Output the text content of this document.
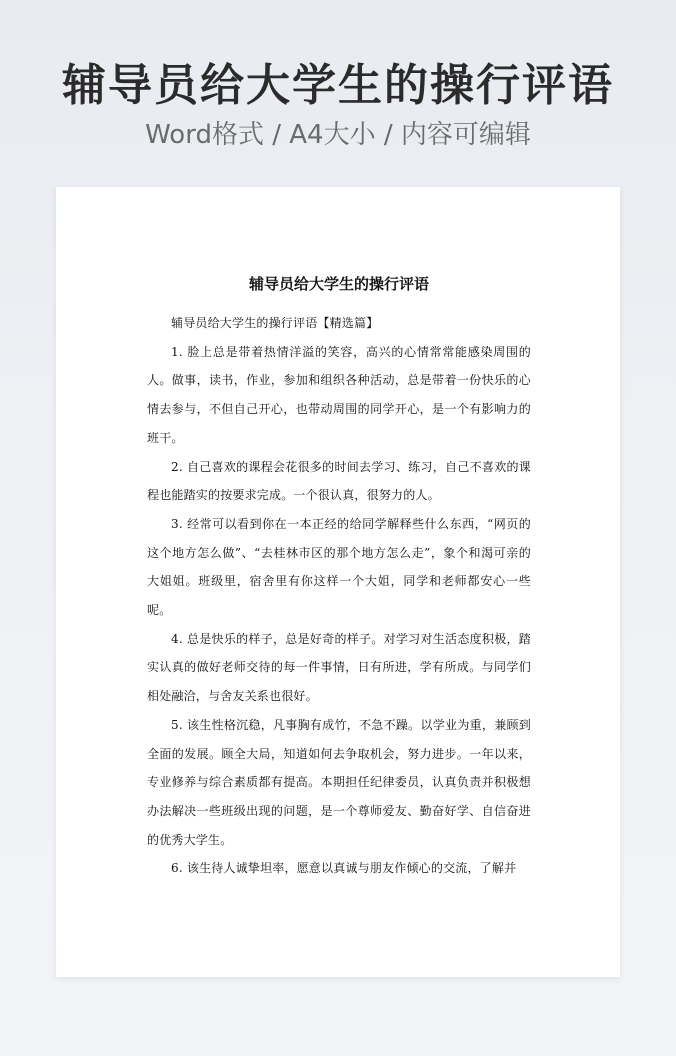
辅导员给大学生的操行评语
Word格式 / A4大小 / 内容可编辑
辅导员给大学生的操行评语

辅导员给大学生的操行评语【精选篇】

1. 脸上总是带着热情洋溢的笑容，高兴的心情常常能感染周围的人。做事，读书，作业，参加和组织各种活动，总是带着一份快乐的心情去参与，不但自己开心，也带动周围的同学开心，是一个有影响力的班干。

2. 自己喜欢的课程会花很多的时间去学习、练习，自己不喜欢的课程也能踏实的按要求完成。一个很认真，很努力的人。

3. 经常可以看到你在一本正经的给同学解释些什么东西，“网页的这个地方怎么做”、“去桂林市区的那个地方怎么走”，象个和渴可亲的大姐姐。班级里，宿舍里有你这样一个大姐，同学和老师都安心一些呢。

4. 总是快乐的样子，总是好奇的样子。对学习对生活态度积极，踏实认真的做好老师交待的每一件事情，日有所进，学有所成。与同学们相处融洽，与舍友关系也很好。

5. 该生性格沉稳，凡事胸有成竹，不急不躁。以学业为重，兼顾到全面的发展。顾全大局，知道如何去争取机会，努力进步。一年以来，专业修养与综合素质都有提高。本期担任纪律委员，认真负责并积极想办法解决一些班级出现的问题，是一个尊师爱友、勤奋好学、自信奋进的优秀大学生。

6. 该生待人诚挚坦率，愿意以真诚与朋友作倾心的交流，了解并
